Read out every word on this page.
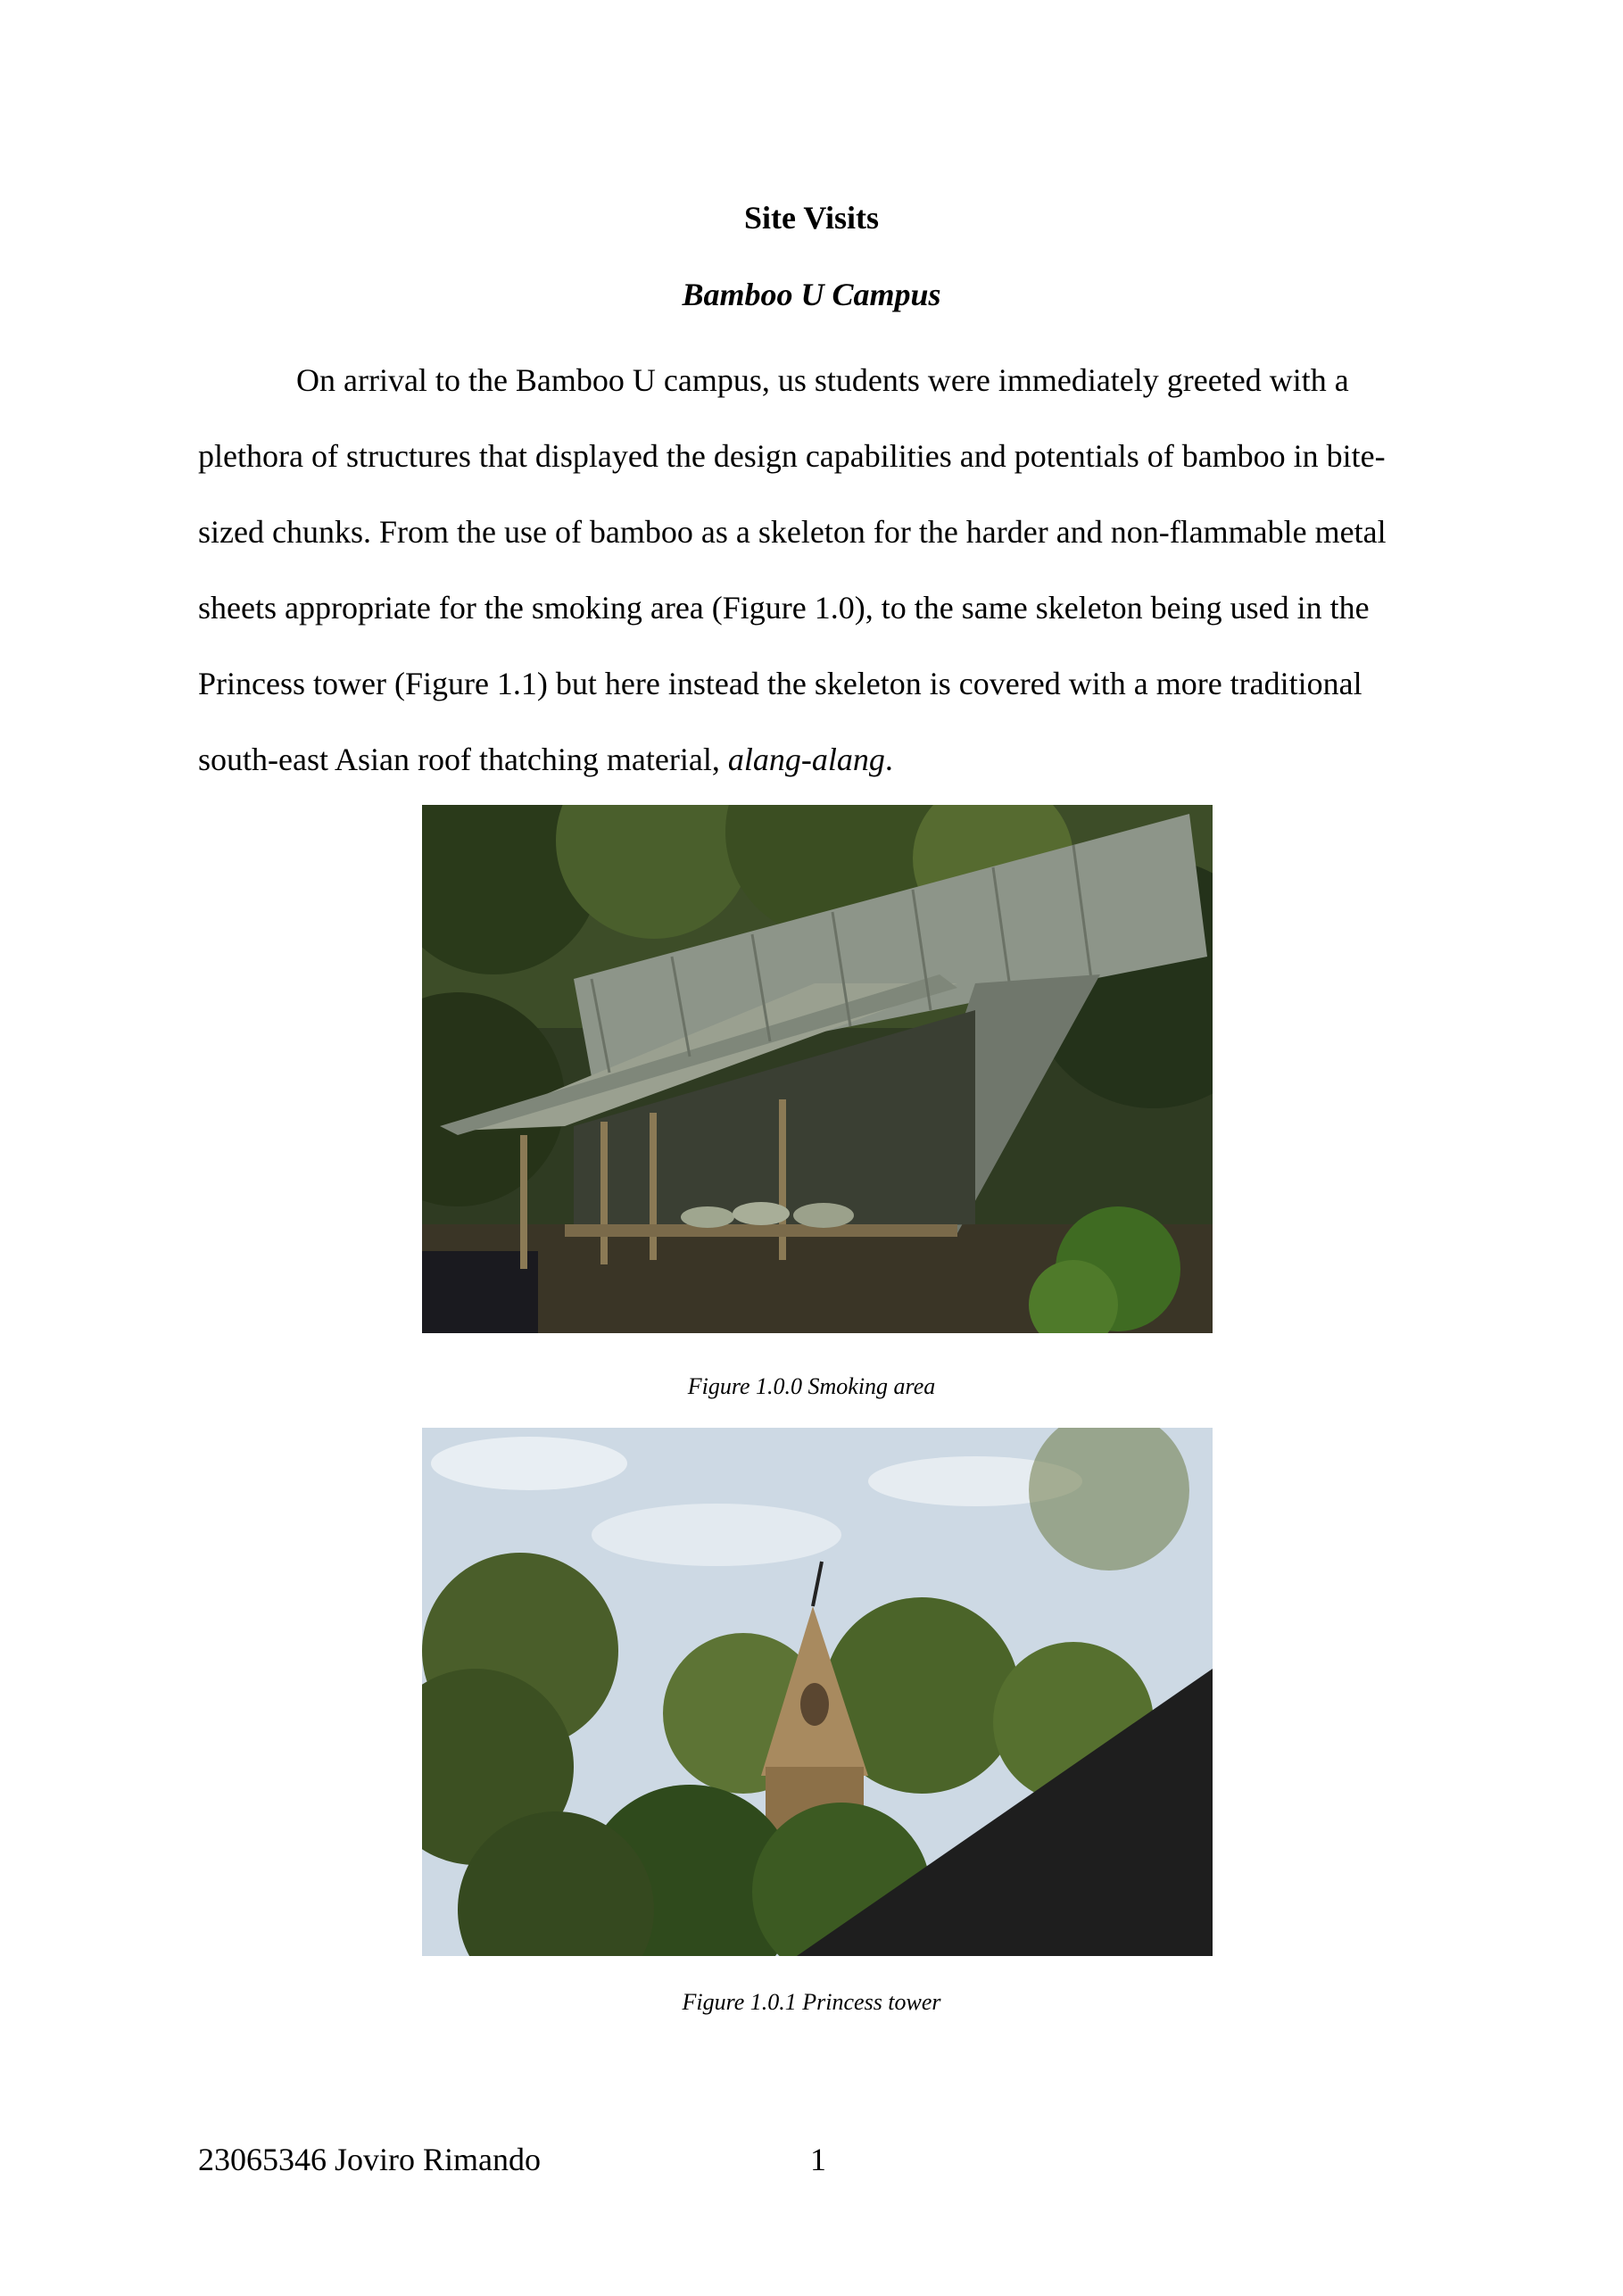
Site Visits
Bamboo U Campus
On arrival to the Bamboo U campus, us students were immediately greeted with a
plethora of structures that displayed the design capabilities and potentials of bamboo in bite-
sized chunks. From the use of bamboo as a skeleton for the harder and non-flammable metal
sheets appropriate for the smoking area (Figure 1.0), to the same skeleton being used in the
Princess tower (Figure 1.1) but here instead the skeleton is covered with a more traditional
south-east Asian roof thatching material, alang-alang.
Figure 1.0.0 Smoking area
Figure 1.0.1 Princess tower
23065346 Joviro Rimando	1
